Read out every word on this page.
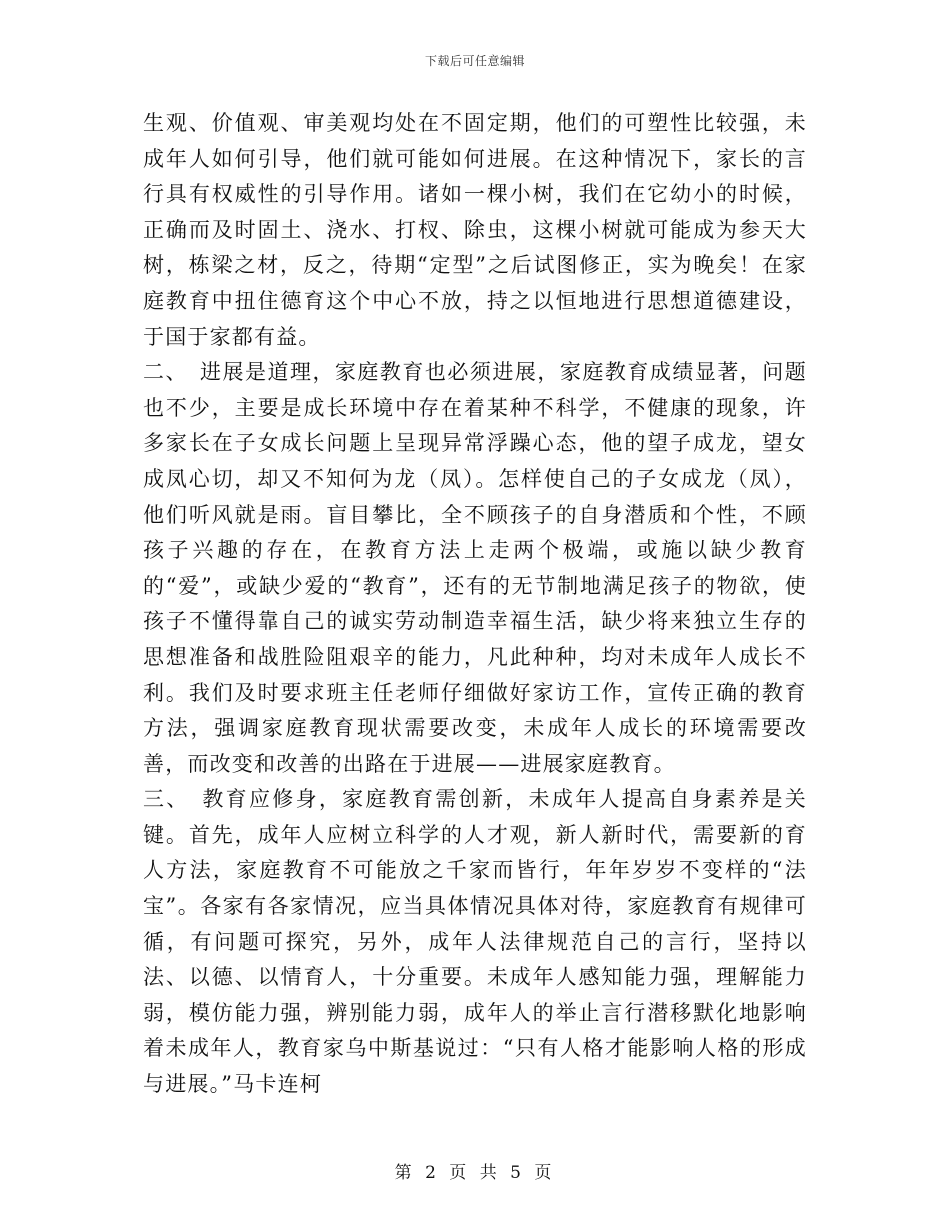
下载后可任意编辑

生观、价值观、审美观均处在不固定期，他们的可塑性比较强，未成年人如何引导，他们就可能如何进展。在这种情况下，家长的言行具有权威性的引导作用。诸如一棵小树，我们在它幼小的时候，正确而及时固土、浇水、打杈、除虫，这棵小树就可能成为参天大树，栋梁之材，反之，待期“定型”之后试图修正，实为晚矣！在家庭教育中扭住德育这个中心不放，持之以恒地进行思想道德建设，于国于家都有益。

二、　进展是道理，家庭教育也必须进展，家庭教育成绩显著，问题也不少，主要是成长环境中存在着某种不科学，不健康的现象，许多家长在子女成长问题上呈现异常浮躁心态，他的望子成龙，望女成凤心切，却又不知何为龙（凤）。怎样使自己的子女成龙（凤），他们听风就是雨。盲目攀比，全不顾孩子的自身潜质和个性，不顾孩子兴趣的存在，在教育方法上走两个极端，或施以缺少教育的“爱”，或缺少爱的“教育”，还有的无节制地满足孩子的物欲，使孩子不懂得靠自己的诚实劳动制造幸福生活，缺少将来独立生存的思想准备和战胜险阻艰辛的能力，凡此种种，均对未成年人成长不利。我们及时要求班主任老师仔细做好家访工作，宣传正确的教育方法，强调家庭教育现状需要改变，未成年人成长的环境需要改善，而改变和改善的出路在于进展——进展家庭教育。

三、　教育应修身，家庭教育需创新，未成年人提高自身素养是关键。首先，成年人应树立科学的人才观，新人新时代，需要新的育人方法，家庭教育不可能放之千家而皆行，年年岁岁不变样的“法宝”。各家有各家情况，应当具体情况具体对待，家庭教育有规律可循，有问题可探究，另外，成年人法律规范自己的言行，坚持以法、以德、以情育人，十分重要。未成年人感知能力强，理解能力弱，模仿能力强，辨别能力弱，成年人的举止言行潜移默化地影响着未成年人，教育家乌中斯基说过：“只有人格才能影响人格的形成与进展。”马卡连柯

第 2 页 共 5 页
